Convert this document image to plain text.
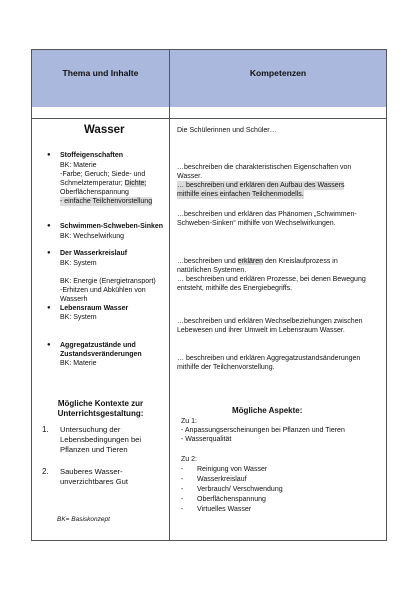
Thema und Inhalte	Kompetenzen
Wasser
● Stoffeigenschaften
BK: Materie
-Farbe; Geruch; Siede- und
Schmelztemperatur; Dichte;
Oberflächenspannung
- einfache Teilchenvorstellung
● Schwimmen-Schweben-Sinken
BK: Wechselwirkung
● Der Wasserkreislauf
BK: System
BK: Energie (Energietransport)
-Erhitzen und Abkühlen von
Wasserh
● Lebensraum Wasser
BK: System
● Aggregatzustände und
Zustandsveränderungen
BK: Materie
Mögliche Kontexte zur Unterrichtsgestaltung:
1. Untersuchung der
Lebensbedingungen bei
Pflanzen und Tieren
2. Sauberes Wasser-
unverzichtbares Gut
BK= Basiskonzept
Die Schülerinnen und Schüler…
…beschreiben die charakteristischen Eigenschaften von
Wasser.
… beschreiben und erklären den Aufbau des Wassers
mithilfe eines einfachen Teilchenmodells.
…beschreiben und erklären das Phänomen „Schwimmen-
Schweben-Sinken“ mithilfe von Wechselwirkungen.
…beschreiben und erklären den Kreislaufprozess in
natürlichen Systemen.
… beschreiben und erklären Prozesse, bei denen Bewegung
entsteht, mithilfe des Energiebegriffs.
…beschreiben und erklären Wechselbeziehungen zwischen
Lebewesen und ihrer Umwelt im Lebensraum Wasser.
… beschreiben und erklären Aggregatzustandsänderungen
mithilfe der Teilchenvorstellung.
Mögliche Aspekte:
Zu 1:
- Anpassungserscheinungen bei Pflanzen und Tieren
- Wasserqualität
Zu 2:
- Reinigung von Wasser
- Wasserkreislauf
- Verbrauch/ Verschwendung
- Oberflächenspannung
- Virtuelles Wasser
